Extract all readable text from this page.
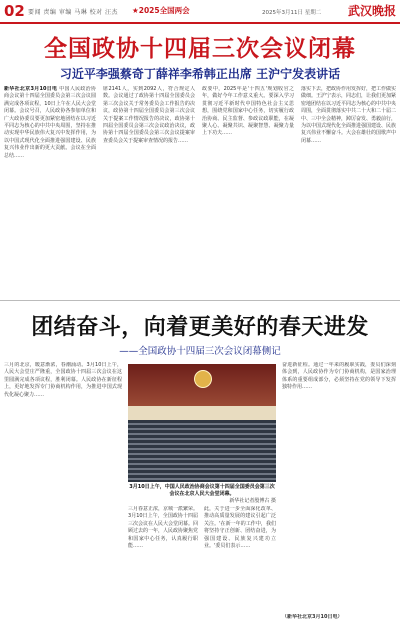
02 要闻 责编 审编 马琳 校对 汪杰 ★2025全国两会	2025年3月11日 星期二 武汉晚报
全国政协十四届三次会议闭幕
习近平李强蔡奇丁薛祥李希韩正出席 王沪宁发表讲话
新华社北京3月10日电 中国人民政治协商会议第十四届全国委员会第三次会议圆满完成各项议程，10日上午在人民大会堂闭幕。会议号召，人民政协各参加单位和广大政协委员要更加紧密地团结在以习近平同志为核心的中共中央周围，坚持在推动实现中华民族伟大复兴中发挥作用，为以中国式现代化全面推进强国建设、民族复兴伟业作出新的更大贡献。会议在全面总结……
席2141人，实到2092人，符合规定人数。会议通过了政协第十四届全国委员会第三次会议关于常务委员会工作报告的决议，政协第十四届全国委员会第三次会议关于提案工作情况报告的决议，政协第十四届全国委员会第三次会议政治决议，政协第十四届全国委员会第三次会议提案审查委员会关于提案审查情况的报告……
政要中，2025年是'十四五'规划收官之年，做好今年工作意义重大。要深入学习贯彻习近平新时代中国特色社会主义思想，围绕党和国家中心任务，切实履行政治协商、民主监督、参政议政职能，在凝聚人心、凝聚共识、凝聚智慧、凝聚力量上下功夫……
落实下去，把政协作用发挥好，把工作做实做细。王沪宁表示，同志们，让我们更加紧密地团结在以习近平同志为核心的中共中央周围，全面贯彻落实中共二十大和二十届二中、三中全会精神，踔厉奋发、勇毅前行，为以中国式现代化全面推进强国建设、民族复兴伟业不懈奋斗。大会在雄壮的国歌声中闭幕……
团结奋斗，向着更美好的春天进发
——全国政协十四届三次会议闭幕侧记
三月的北京，暖意渐浓，春潮涌动。3月10日上午，人民大会堂庄严隆重，全国政协十四届三次会议在这里圆满完成各项议程，胜利闭幕。人民政协在新征程上，更好地发挥专门协商机构作用，为推进中国式现代化凝心聚力……
3月10日上午，中国人民政治协商会议第十四届全国委员会第三次会议在北京人民大会堂闭幕。
新华社记者殷博古 摄
三月春意正浓，京城一派繁荣。3月10日上午，全国政协十四届三次会议在人民大会堂闭幕。回顾过去的一年，人民政协聚焦党和国家中心任务，认真履行职能……
此，关于进一步全面深化改革、推动高质量发展的建议引起广泛关注。'在新一年的工作中，我们将坚持守正创新、团结奋进，为强国建设、民族复兴建功立业。'委员们表示……
奋进新征程。通过一年来的履职实践，委员们深刻体会到，人民政协作为专门协商机构，是国家治理体系的重要组成部分，必须坚持在党的领导下发挥独特作用……
（新华社北京3月10日电）
